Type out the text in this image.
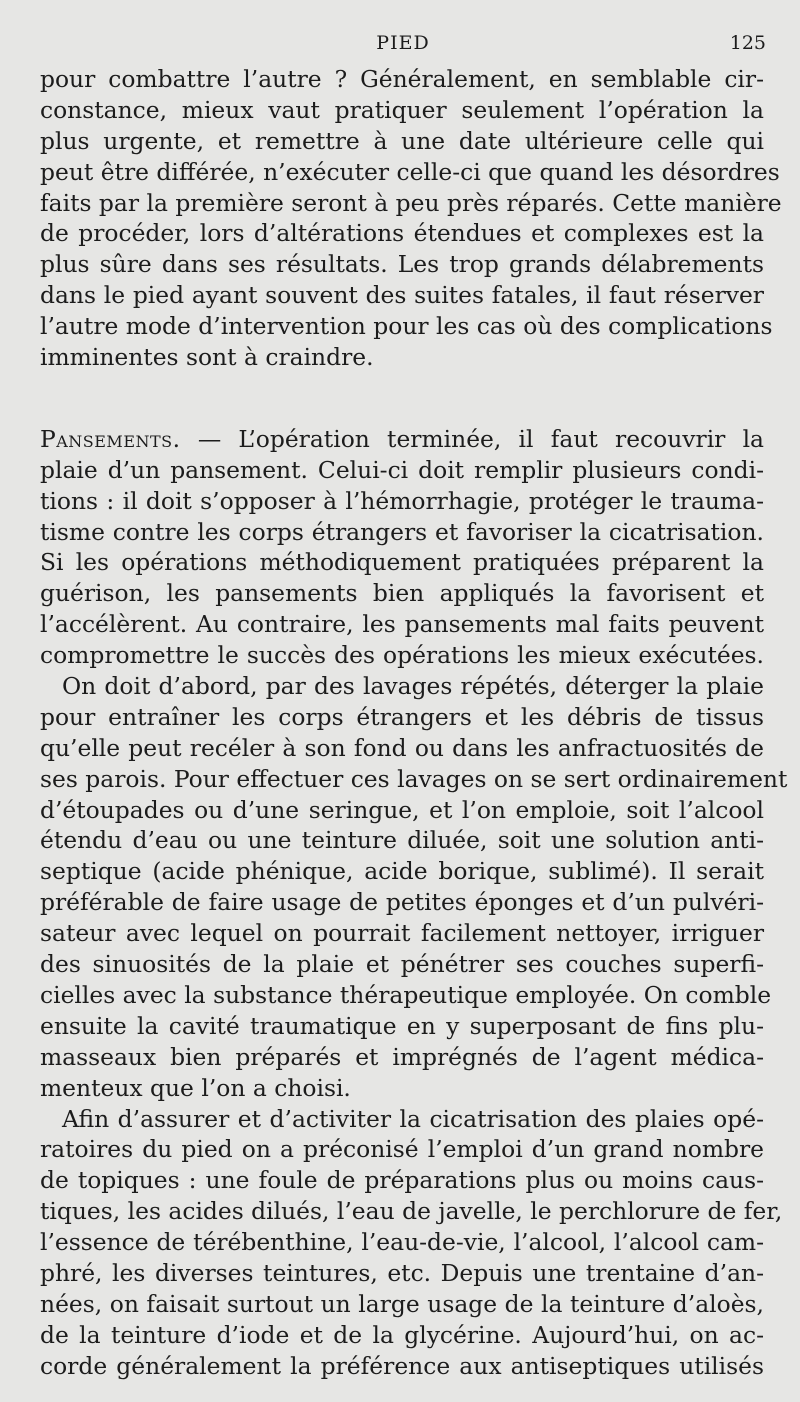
PIED	125
pour combattre l’autre ? Généralement, en semblable cir-
constance, mieux vaut pratiquer seulement l’opération la
plus urgente, et remettre à une date ultérieure celle qui
peut être différée, n’exécuter celle-ci que quand les désordres
faits par la première seront à peu près réparés. Cette manière
de procéder, lors d’altérations étendues et complexes est la
plus sûre dans ses résultats. Les trop grands délabrements
dans le pied ayant souvent des suites fatales, il faut réserver
l’autre mode d’intervention pour les cas où des complications
imminentes sont à craindre.
Pansements. — L’opération terminée, il faut recouvrir la
plaie d’un pansement. Celui-ci doit remplir plusieurs condi-
tions : il doit s’opposer à l’hémorrhagie, protéger le trauma-
tisme contre les corps étrangers et favoriser la cicatrisation.
Si les opérations méthodiquement pratiquées préparent la
guérison, les pansements bien appliqués la favorisent et
l’accélèrent. Au contraire, les pansements mal faits peuvent
compromettre le succès des opérations les mieux exécutées.
On doit d’abord, par des lavages répétés, déterger la plaie
pour entraîner les corps étrangers et les débris de tissus
qu’elle peut recéler à son fond ou dans les anfractuosités de
ses parois. Pour effectuer ces lavages on se sert ordinairement
d’étoupades ou d’une seringue, et l’on emploie, soit l’alcool
étendu d’eau ou une teinture diluée, soit une solution anti-
septique (acide phénique, acide borique, sublimé). Il serait
préférable de faire usage de petites éponges et d’un pulvéri-
sateur avec lequel on pourrait facilement nettoyer, irriguer
des sinuosités de la plaie et pénétrer ses couches superfi-
cielles avec la substance thérapeutique employée. On comble
ensuite la cavité traumatique en y superposant de fins plu-
masseaux bien préparés et imprégnés de l’agent médica-
menteux que l’on a choisi.
Afin d’assurer et d’activiter la cicatrisation des plaies opé-
ratoires du pied on a préconisé l’emploi d’un grand nombre
de topiques : une foule de préparations plus ou moins caus-
tiques, les acides dilués, l’eau de javelle, le perchlorure de fer,
l’essence de térébenthine, l’eau-de-vie, l’alcool, l’alcool cam-
phré, les diverses teintures, etc. Depuis une trentaine d’an-
nées, on faisait surtout un large usage de la teinture d’aloès,
de la teinture d’iode et de la glycérine. Aujourd’hui, on ac-
corde généralement la préférence aux antiseptiques utilisés
